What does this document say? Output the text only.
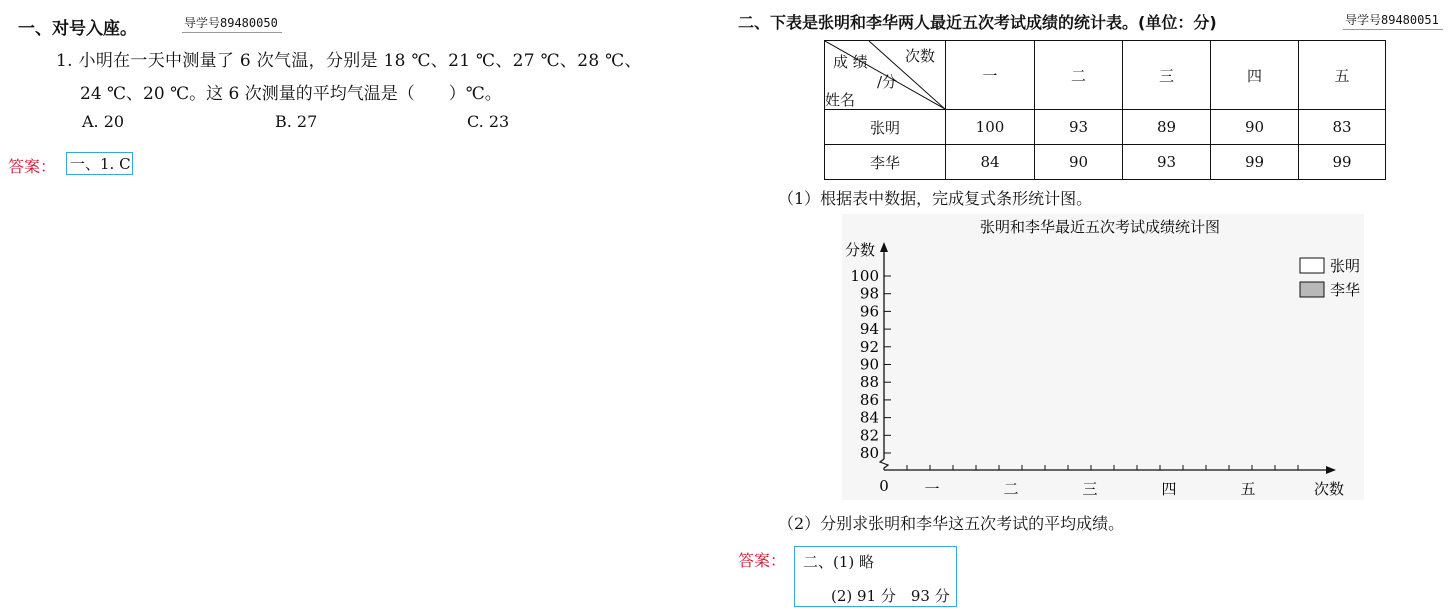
一、对号入座。	导学号89480050
1. 小明在一天中测量了 6 次气温，分别是 18 ℃、21 ℃、27 ℃、28 ℃、
24 ℃、20 ℃。这 6 次测量的平均气温是（　　）℃。
A. 20	B. 27	C. 23
答案： 一、1. C
二、下表是张明和李华两人最近五次考试成绩的统计表。(单位：分)	导学号89480051
次数
成 绩
/分
姓名	一	二	三	四	五
张明	100	93	89	90	83
李华	84	90	93	99	99
（1）根据表中数据，完成复式条形统计图。
张明和李华最近五次考试成绩统计图
分数
次数
0
80
82
84
86
88
90
92
94
96
98
100
一	二	三	四	五
张明
李华
（2）分别求张明和李华这五次考试的平均成绩。
答案： 二、(1) 略
(2) 91 分　93 分
